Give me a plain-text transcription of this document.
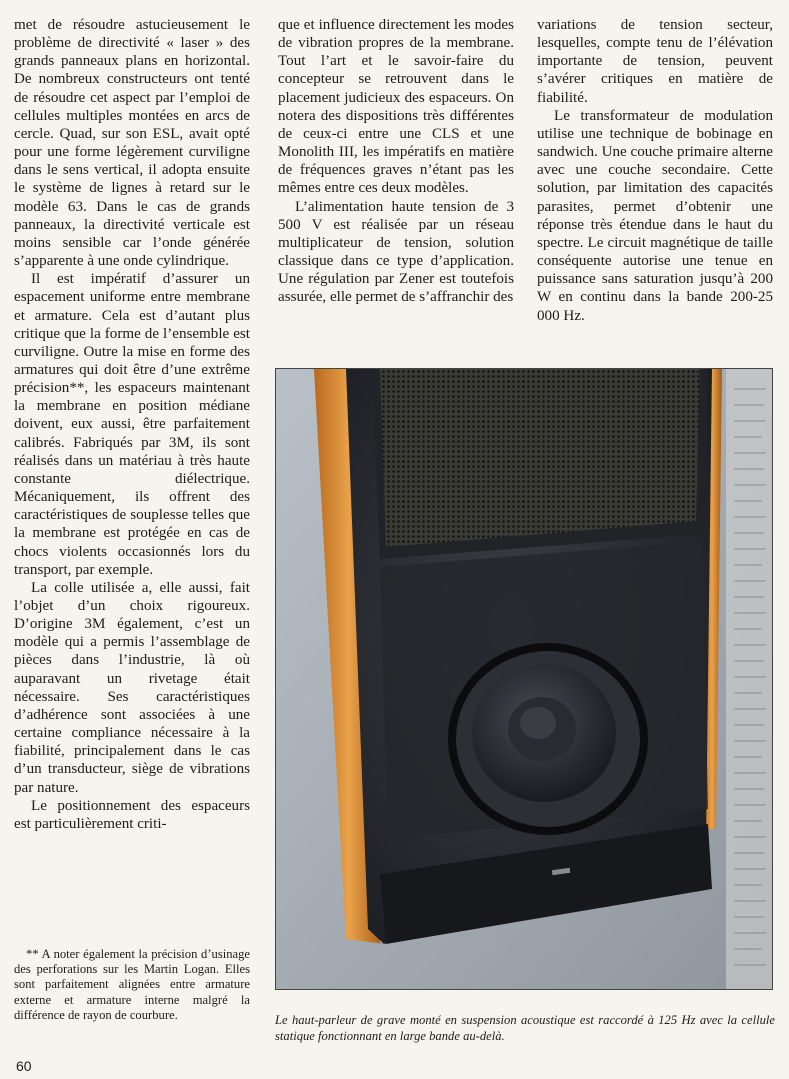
met de résoudre astucieusement le problème de directivité « laser » des grands panneaux plans en horizontal. De nombreux constructeurs ont tenté de résoudre cet aspect par l’emploi de cellules multiples montées en arcs de cercle. Quad, sur son ESL, avait opté pour une forme légèrement curviligne dans le sens vertical, il adopta ensuite le système de lignes à retard sur le modèle 63. Dans le cas de grands panneaux, la directivité verticale est moins sensible car l’onde générée s’apparente à une onde cylindrique.

Il est impératif d’assurer un espacement uniforme entre membrane et armature. Cela est d’autant plus critique que la forme de l’ensemble est curviligne. Outre la mise en forme des armatures qui doit être d’une extrême précision**, les espaceurs maintenant la membrane en position médiane doivent, eux aussi, être parfaitement calibrés. Fabriqués par 3M, ils sont réalisés dans un matériau à très haute constante diélectrique. Mécaniquement, ils offrent des caractéristiques de souplesse telles que la membrane est protégée en cas de chocs violents occasionnés lors du transport, par exemple.

La colle utilisée a, elle aussi, fait l’objet d’un choix rigoureux. D’origine 3M également, c’est un modèle qui a permis l’assemblage de pièces dans l’industrie, là où auparavant un rivetage était nécessaire. Ses caractéristiques d’adhérence sont associées à une certaine compliance nécessaire à la fiabilité, principalement dans le cas d’un transducteur, siège de vibrations par nature.

Le positionnement des espaceurs est particulièrement criti-

que et influence directement les modes de vibration propres de la membrane. Tout l’art et le savoir-faire du concepteur se retrouvent dans le placement judicieux des espaceurs. On notera des dispositions très différentes de ceux-ci entre une CLS et une Monolith III, les impératifs en matière de fréquences graves n’étant pas les mêmes entre ces deux modèles.

L’alimentation haute tension de 3 500 V est réalisée par un réseau multiplicateur de tension, solution classique dans ce type d’application. Une régulation par Zener est toutefois assurée, elle permet de s’affranchir des

variations de tension secteur, lesquelles, compte tenu de l’élévation importante de tension, peuvent s’avérer critiques en matière de fiabilité.

Le transformateur de modulation utilise une technique de bobinage en sandwich. Une couche primaire alterne avec une couche secondaire. Cette solution, par limitation des capacités parasites, permet d’obtenir une réponse très étendue dans le haut du spectre. Le circuit magnétique de taille conséquente autorise une tenue en puissance sans saturation jusqu’à 200 W en continu dans la bande 200-25 000 Hz.

** A noter également la précision d’usinage des perforations sur les Martin Logan. Elles sont parfaitement alignées entre armature externe et armature interne malgré la différence de rayon de courbure.	Le haut-parleur de grave monté en suspension acoustique est raccordé à 125 Hz avec la cellule statique fonctionnant en large bande au-delà.
60
